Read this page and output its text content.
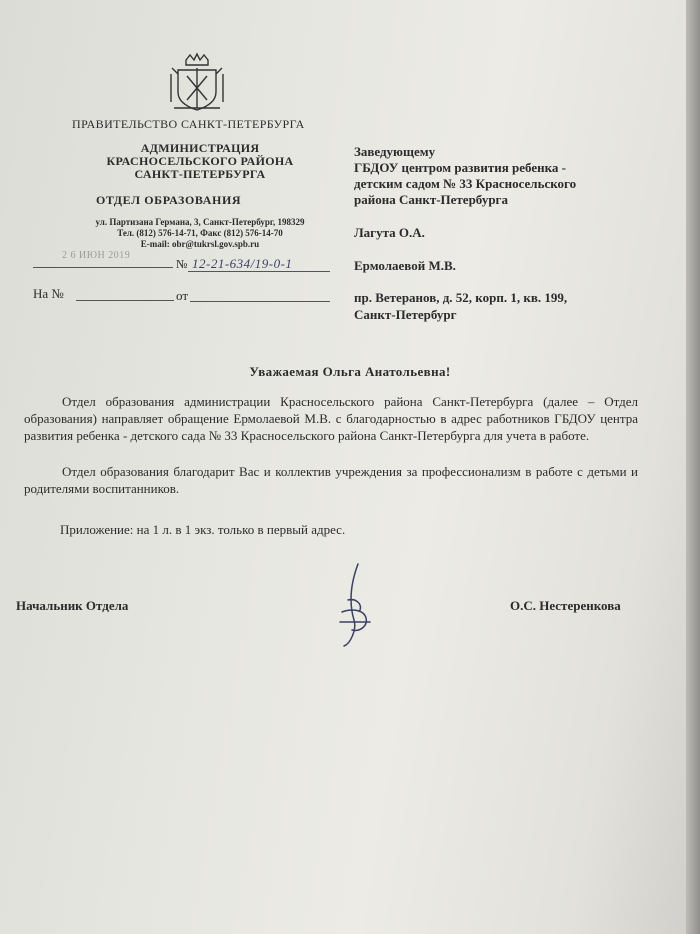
ПРАВИТЕЛЬСТВО САНКТ-ПЕТЕРБУРГА
АДМИНИСТРАЦИЯ
КРАСНОСЕЛЬСКОГО РАЙОНА
САНКТ-ПЕТЕРБУРГА
ОТДЕЛ ОБРАЗОВАНИЯ
ул. Партизана Германа, 3, Санкт-Петербург, 198329
Тел. (812) 576-14-71, Факс (812) 576-14-70
E-mail: obr@tukrsl.gov.spb.ru
2 6 ИЮН 2019
№ 12-21-634/19-0-1
На №	от
Заведующему
ГБДОУ центром развития ребенка -
детским садом № 33 Красносельского
района Санкт-Петербурга
Лагута О.А.
Ермолаевой М.В.
пр. Ветеранов, д. 52, корп. 1, кв. 199,
Санкт-Петербург
Уважаемая Ольга Анатольевна!
Отдел образования администрации Красносельского района Санкт-Петербурга (далее – Отдел образования) направляет обращение Ермолаевой М.В. с благодарностью в адрес работников ГБДОУ центра развития ребенка - детского сада № 33 Красносельского района Санкт-Петербурга для учета в работе.
Отдел образования благодарит Вас и коллектив учреждения за профессионализм в работе с детьми и родителями воспитанников.
Приложение: на 1 л. в 1 экз. только в первый адрес.
Начальник Отдела	О.С. Нестеренкова
